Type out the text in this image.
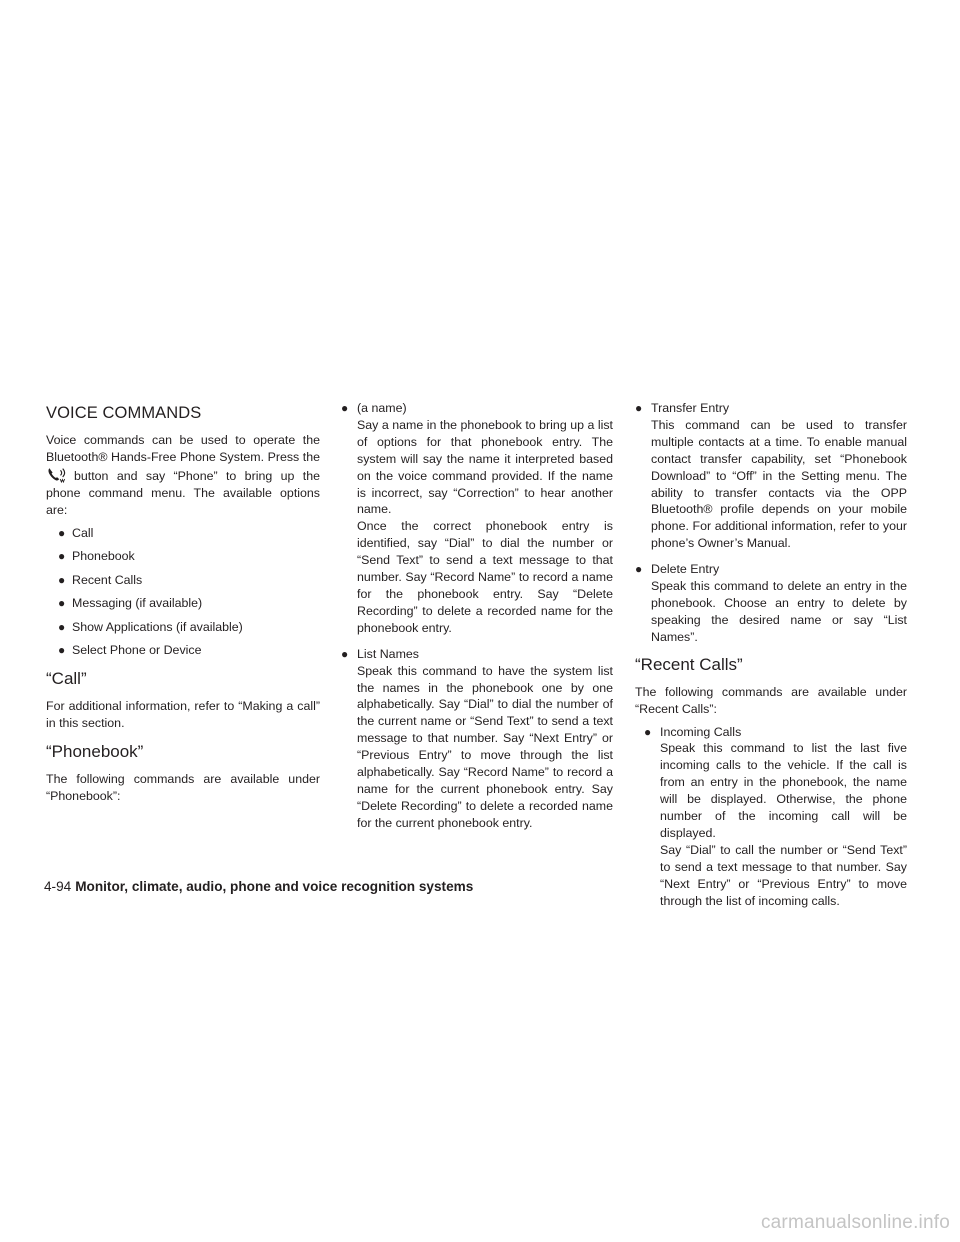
VOICE COMMANDS

Voice commands can be used to operate the Bluetooth® Hands-Free Phone System. Press the button and say “Phone” to bring up the phone command menu. The available options are:

● Call
● Phonebook
● Recent Calls
● Messaging (if available)
● Show Applications (if available)
● Select Phone or Device
“Call”

For additional information, refer to “Making a call” in this section.

“Phonebook”

The following commands are available under “Phonebook”:

● (a name)
Say a name in the phonebook to bring up a list of options for that phonebook entry. The system will say the name it interpreted based on the voice command provided. If the name is incorrect, say “Correction” to hear another name.
Once the correct phonebook entry is identified, say “Dial” to dial the number or “Send Text” to send a text message to that number. Say “Record Name” to record a name for the phonebook entry. Say “Delete Recording” to delete a recorded name for the phonebook entry.
● List Names
Speak this command to have the system list the names in the phonebook one by one alphabetically. Say “Dial” to dial the number of the current name or “Send Text” to send a text message to that number. Say “Next Entry” or “Previous Entry” to move through the list alphabetically. Say “Record Name” to record a name for the current phonebook entry. Say “Delete Recording” to delete a recorded name for the current phonebook entry.
● Transfer Entry
This command can be used to transfer multiple contacts at a time. To enable manual contact transfer capability, set “Phonebook Download” to “Off” in the Setting menu. The ability to transfer contacts via the OPP Bluetooth® profile depends on your mobile phone. For additional information, refer to your phone’s Owner’s Manual.
● Delete Entry
Speak this command to delete an entry in the phonebook. Choose an entry to delete by speaking the desired name or say “List Names”.
“Recent Calls”

The following commands are available under “Recent Calls”:

● Incoming Calls
Speak this command to list the last five incoming calls to the vehicle. If the call is from an entry in the phonebook, the name will be displayed. Otherwise, the phone number of the incoming call will be displayed.
Say “Dial” to call the number or “Send Text” to send a text message to that number. Say “Next Entry” or “Previous Entry” to move through the list of incoming calls.
4-94 Monitor, climate, audio, phone and voice recognition systems
carmanualsonline.info
